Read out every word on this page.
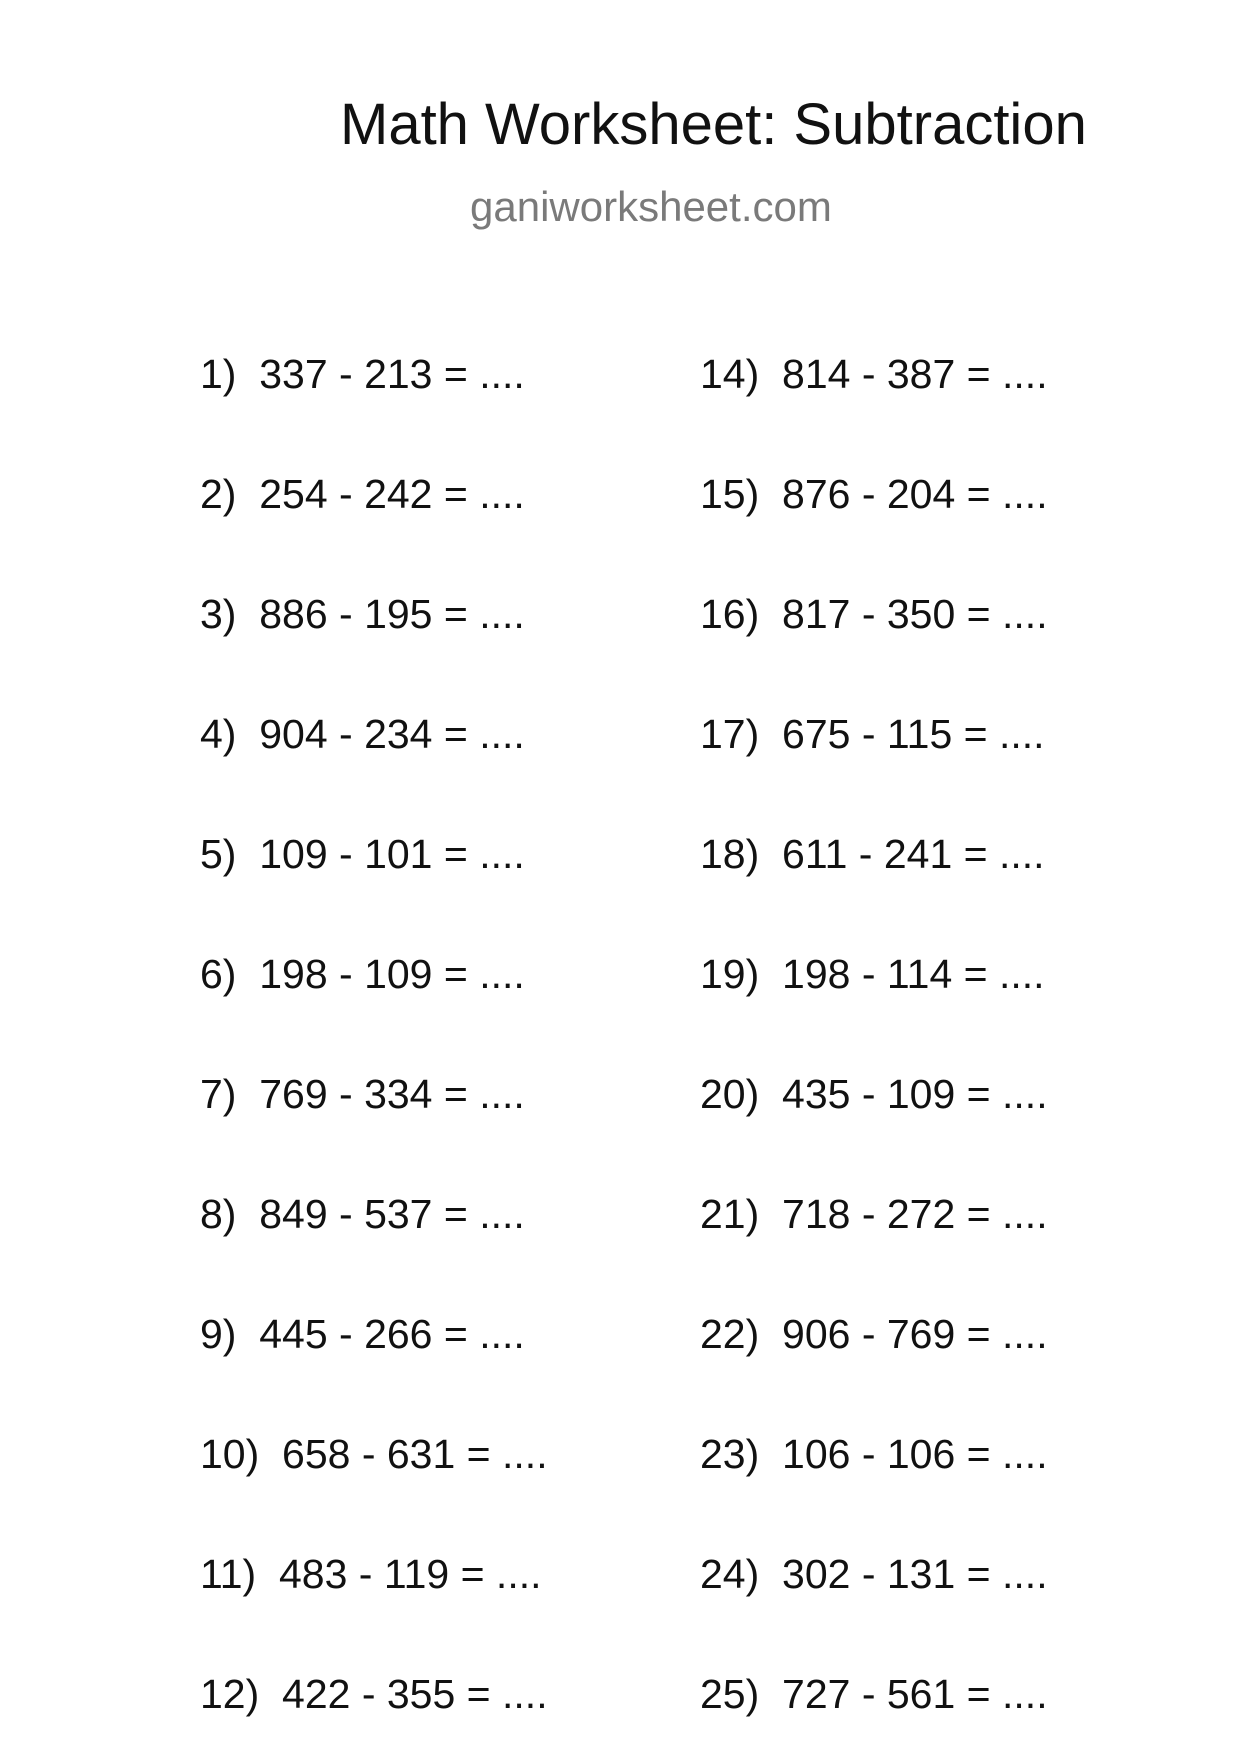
Math Worksheet: Subtraction
ganiworksheet.com
1)  337 - 213 = ....
2)  254 - 242 = ....
3)  886 - 195 = ....
4)  904 - 234 = ....
5)  109 - 101 = ....
6)  198 - 109 = ....
7)  769 - 334 = ....
8)  849 - 537 = ....
9)  445 - 266 = ....
10)  658 - 631 = ....
11)  483 - 119 = ....
12)  422 - 355 = ....
14)  814 - 387 = ....
15)  876 - 204 = ....
16)  817 - 350 = ....
17)  675 - 115 = ....
18)  611 - 241 = ....
19)  198 - 114 = ....
20)  435 - 109 = ....
21)  718 - 272 = ....
22)  906 - 769 = ....
23)  106 - 106 = ....
24)  302 - 131 = ....
25)  727 - 561 = ....
